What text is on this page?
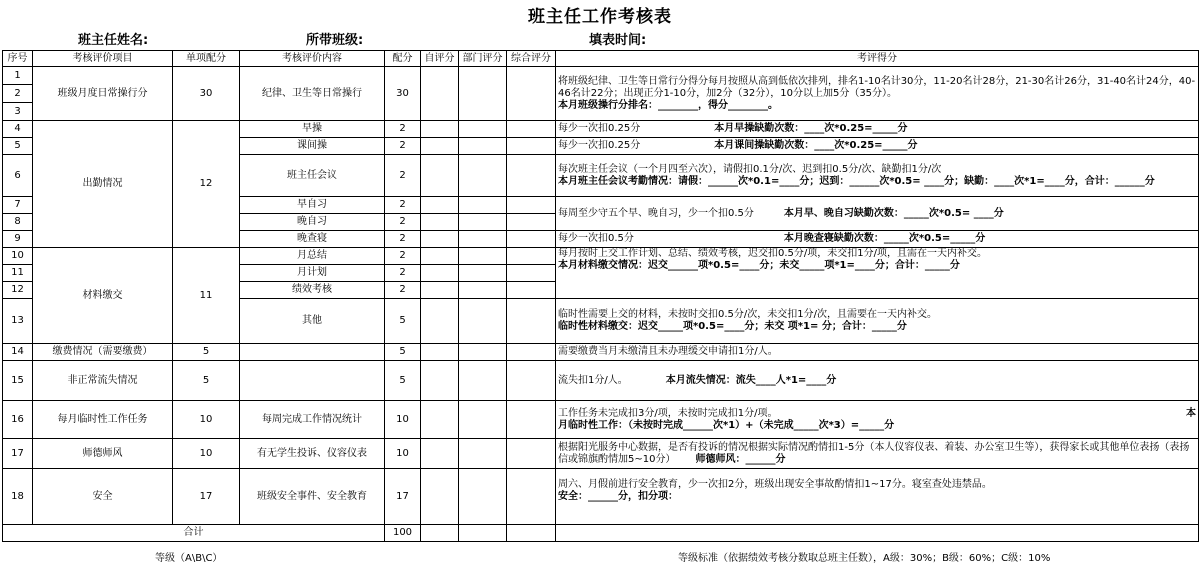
班主任工作考核表
班主任姓名:	所带班级:	填表时间:
序号	考核评价项目	单项配分	考核评价内容	配分	自评分	部门评分	综合评分	考评得分
1	班级月度日常操行分	30	纪律、卫生等日常操行	30				将班级纪律、卫生等日常行分得分每月按照从高到低依次排列，排名1-10名计30分，11-20名计28分，21-30名计26分，31-40名计24分，40-46名计22分；出现正分1-10分，加2分（32分），10分以上加5分（35分）。
本月班级操行分排名：________，得分________。

2								
3								
4	出勤情况	12	早操	2				每少一次扣0.25分 本月早操缺勤次数：____次*0.25=_____分
5			课间操	2				每少一次扣0.25分 本月课间操缺勤次数：____次*0.25=_____分
6			班主任会议	2				每次班主任会议（一个月四至六次），请假扣0.1分/次、迟到扣0.5分/次、缺勤扣1分/次
本月班主任会议考勤情况：请假：______次*0.1=____分；迟到：______次*0.5= ____分；缺勤：____次*1=____分，合计：______分

7			早自习	2				每周至少守五个早、晚自习，少一个扣0.5分 本月早、晚自习缺勤次数：_____次*0.5= ____分
8			晚自习	2				
9			晚查寝	2				每少一次扣0.5分 本月晚查寝缺勤次数：_____次*0.5=_____分
10	材料缴交	11	月总结	2				每月按时上交工作计划、总结、绩效考核，迟交扣0.5分/项，未交扣1分/项，且需在一天内补交。
本月材料缴交情况：迟交______项*0.5=____分；未交_____项*1=____分；合计：_____分

11			月计划	2				
12			绩效考核	2				
13			其他	5				临时性需要上交的材料，未按时交扣0.5分/次，未交扣1分/次，且需要在一天内补交。
临时性材料缴交：迟交_____项*0.5=____分；未交 项*1= 分；合计：_____分

14	缴费情况（需要缴费）	5		5				需要缴费当月未缴清且未办理缓交申请扣1分/人。
15	非正常流失情况	5		5				流失扣1分/人。 本月流失情况：流失____人*1=____分
16	每月临时性工作任务	10	每周完成工作情况统计	10				工作任务未完成扣3分/项，未按时完成扣1分/项。 本
月临时性工作：（未按时完成______次*1）+（未完成_____次*3）=_____分

17	师德师风	10	有无学生投诉、仪容仪表	10				根据阳光服务中心数据，是否有投诉的情况根据实际情况酌情扣1-5分（本人仪容仪表、着装、办公室卫生等），获得家长或其他单位表扬（表扬信或锦旗酌情加5~10分） 师德师风：______分
18	安全	17	班级安全事件、安全教育	17				周六、月假前进行安全教育，少一次扣2分，班级出现安全事故酌情扣1~17分。寝室查处违禁品。
安全：______分，扣分项：

合计				100				
等级（A\B\C）	等级标准（依据绩效考核分数取总班主任数），A级：30%；B级：60%；C级：10%
